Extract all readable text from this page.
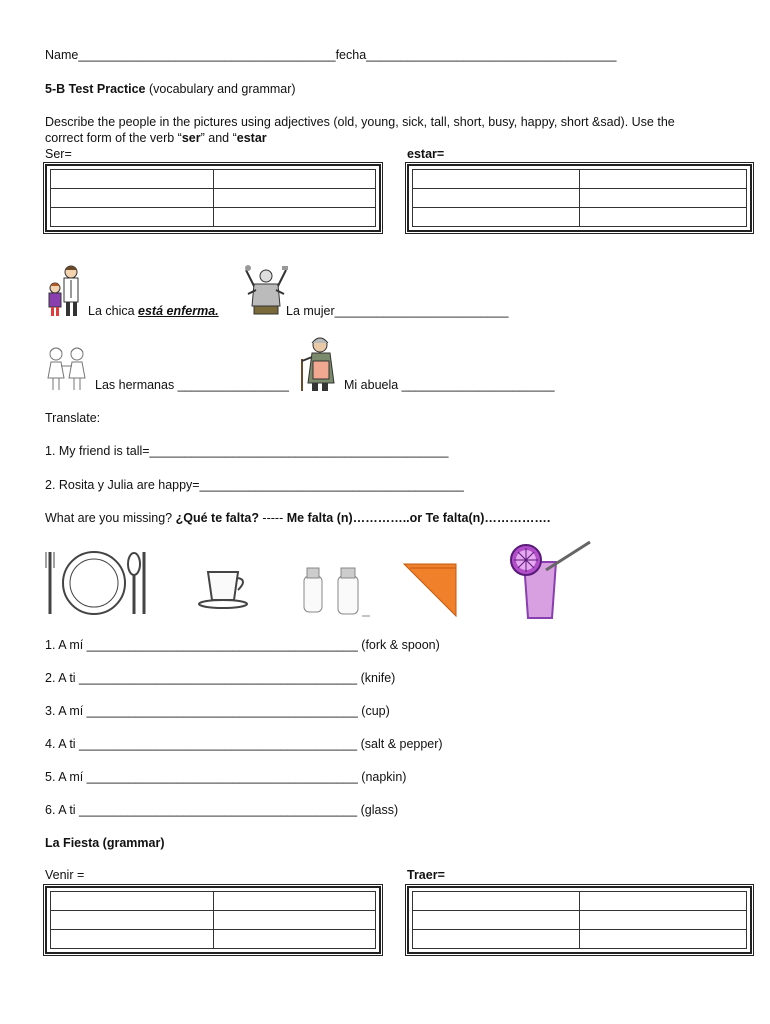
Name_____________________________________fecha____________________________________
5-B Test Practice (vocabulary and grammar)
Describe the people in the pictures using adjectives (old, young, sick, tall, short, busy, happy, short &sad). Use the
correct form of the verb “ser” and “estar
Ser=	estar=

La chica está enferma.	La mujer_________________________
Las hermanas ________________	Mi abuela ______________________
Translate:
1. My friend is tall=___________________________________________
2. Rosita y Julia are happy=______________________________________
What are you missing? ¿Qué te falta? ----- Me falta (n)…………..or Te falta(n)…………….
1. A mí _______________________________________ (fork & spoon)
2. A ti ________________________________________ (knife)
3. A mí _______________________________________ (cup)
4. A ti ________________________________________ (salt & pepper)
5. A mí _______________________________________ (napkin)
6. A ti ________________________________________ (glass)
La Fiesta (grammar)
Venir =	Traer=
